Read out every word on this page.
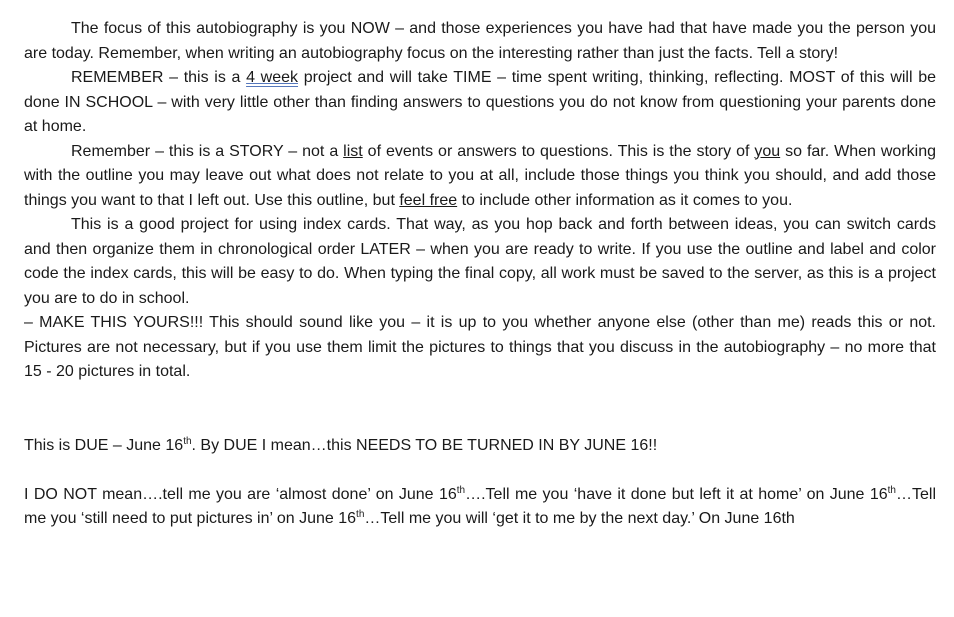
The focus of this autobiography is you NOW – and those experiences you have had that have made you the person you are today. Remember, when writing an autobiography focus on the interesting rather than just the facts. Tell a story!

REMEMBER – this is a 4 week project and will take TIME – time spent writing, thinking, reflecting. MOST of this will be done IN SCHOOL – with very little other than finding answers to questions you do not know from questioning your parents done at home.

Remember – this is a STORY – not a list of events or answers to questions. This is the story of you so far. When working with the outline you may leave out what does not relate to you at all, include those things you think you should, and add those things you want to that I left out. Use this outline, but feel free to include other information as it comes to you.

This is a good project for using index cards. That way, as you hop back and forth between ideas, you can switch cards and then organize them in chronological order LATER – when you are ready to write. If you use the outline and label and color code the index cards, this will be easy to do. When typing the final copy, all work must be saved to the server, as this is a project you are to do in school.

– MAKE THIS YOURS!!! This should sound like you – it is up to you whether anyone else (other than me) reads this or not. Pictures are not necessary, but if you use them limit the pictures to things that you discuss in the autobiography – no more that 15 - 20 pictures in total.

This is DUE – June 16th. By DUE I mean…this NEEDS TO BE TURNED IN BY JUNE 16!!

I DO NOT mean….tell me you are ‘almost done’ on June 16th….Tell me you ‘have it done but left it at home’ on June 16th…Tell me you ‘still need to put pictures in’ on June 16th…Tell me you will ‘get it to me by the next day.’ On June 16th
